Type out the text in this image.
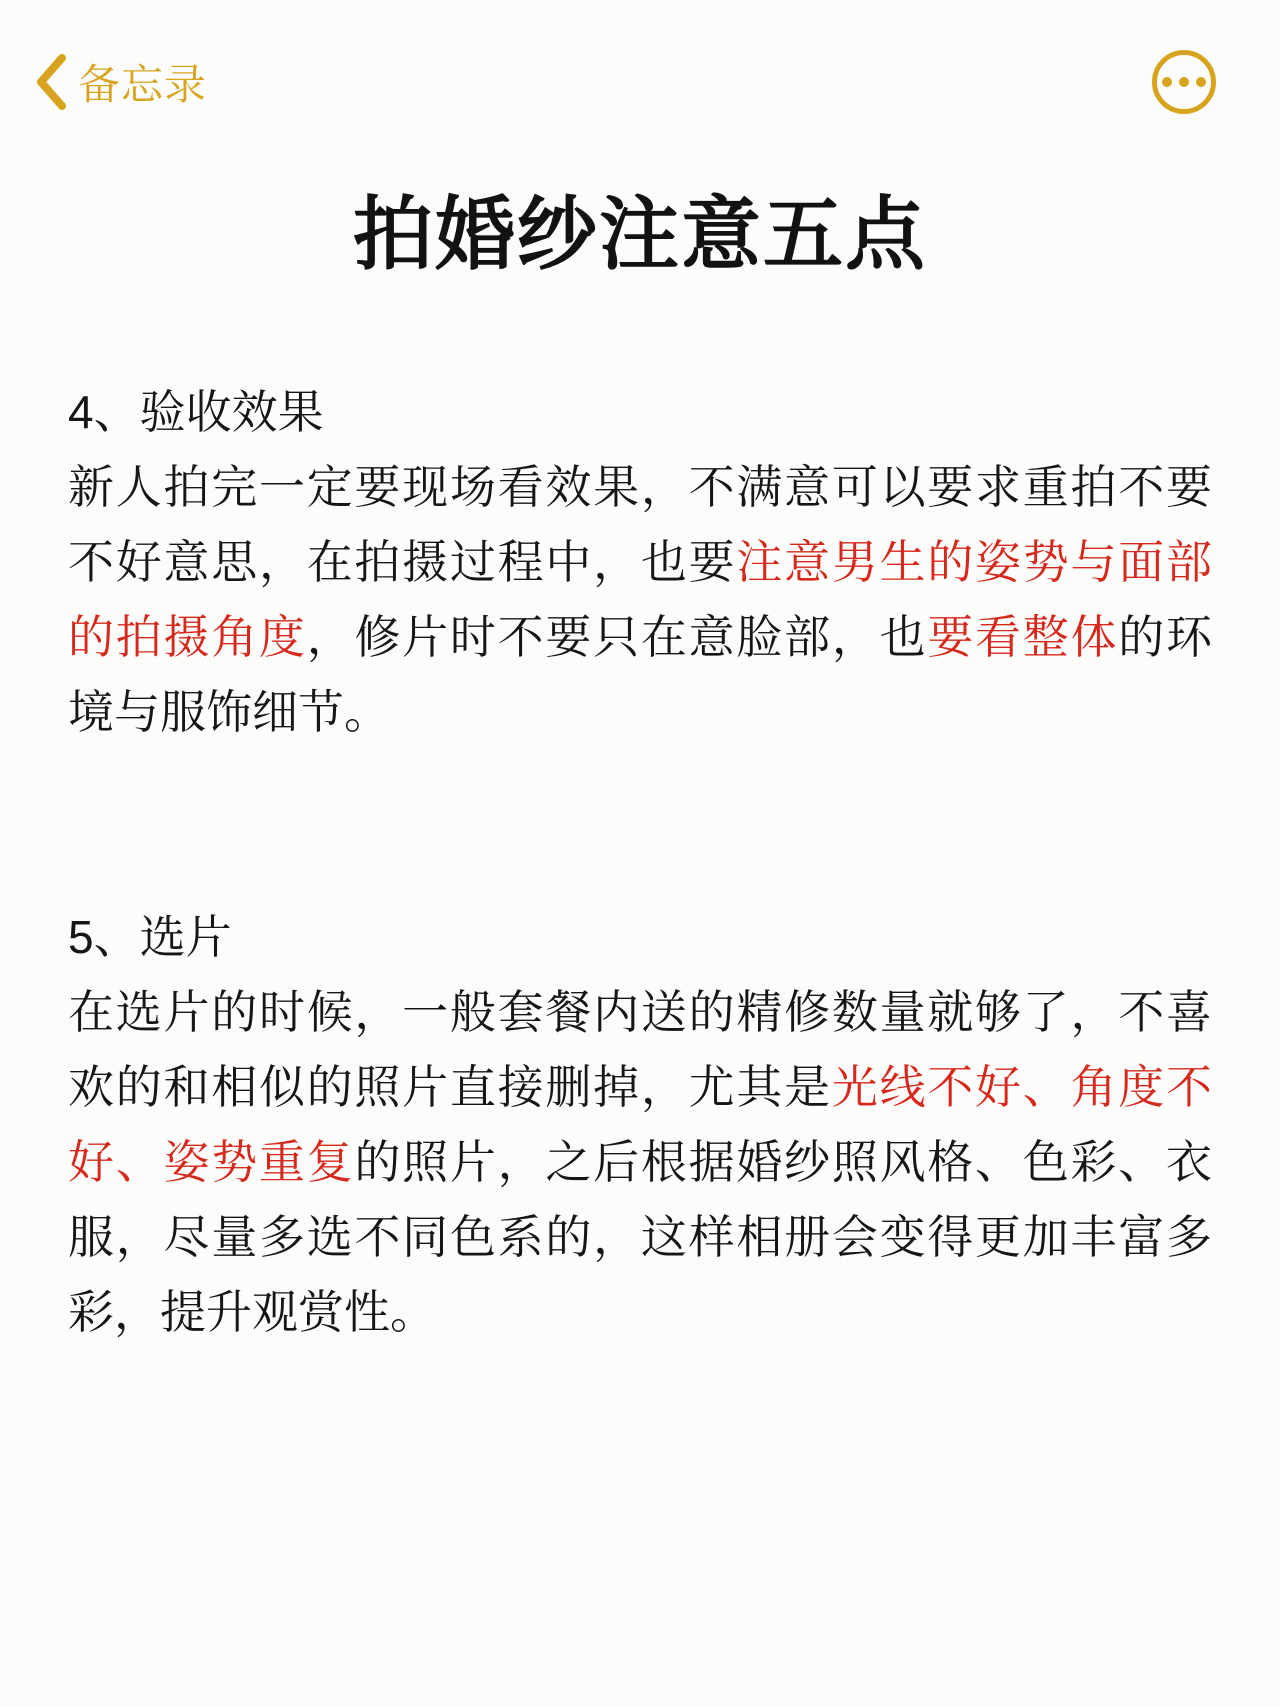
备忘录
拍婚纱注意五点
4、验收效果

新人拍完一定要现场看效果，不满意可以要求重拍不要不好意思，在拍摄过程中，也要注意男生的姿势与面部的拍摄角度，修片时不要只在意脸部，也要看整体的环境与服饰细节。

5、选片

在选片的时候，一般套餐内送的精修数量就够了，不喜欢的和相似的照片直接删掉，尤其是光线不好、角度不好、姿势重复的照片，之后根据婚纱照风格、色彩、衣服，尽量多选不同色系的，这样相册会变得更加丰富多彩，提升观赏性。
